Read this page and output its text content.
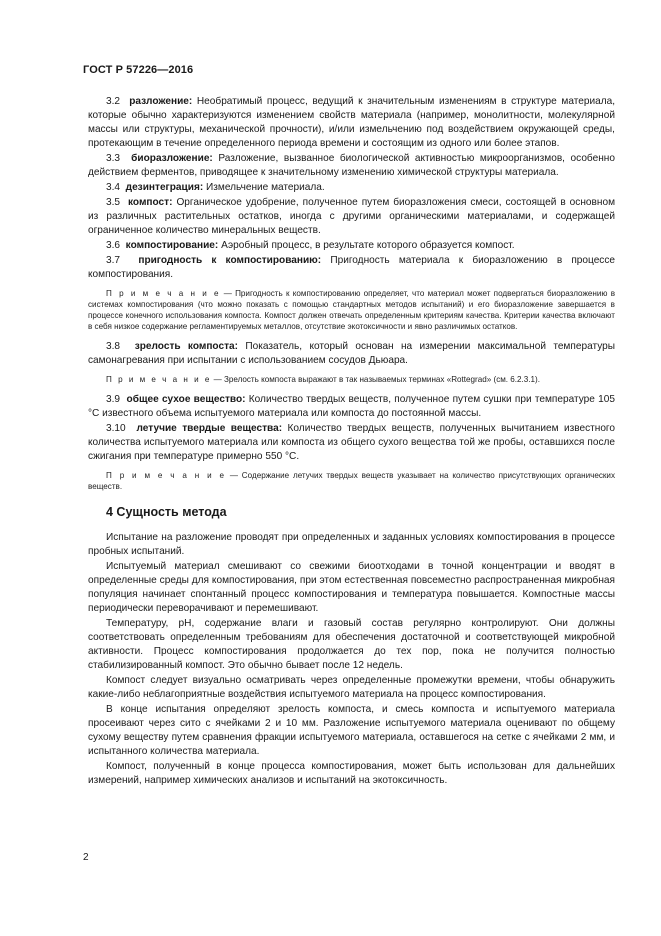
ГОСТ Р 57226—2016

3.2 разложение: Необратимый процесс, ведущий к значительным изменениям в структуре материала, которые обычно характеризуются изменением свойств материала (например, монолитности, молекулярной массы или структуры, механической прочности), и/или измельчению под воздействием окружающей среды, протекающим в течение определенного периода времени и состоящим из одного или более этапов.

3.3 биоразложение: Разложение, вызванное биологической активностью микроорганизмов, особенно действием ферментов, приводящее к значительному изменению химической структуры материала.

3.4 дезинтеграция: Измельчение материала.

3.5 компост: Органическое удобрение, полученное путем биоразложения смеси, состоящей в основном из различных растительных остатков, иногда с другими органическими материалами, и содержащей ограниченное количество минеральных веществ.

3.6 компостирование: Аэробный процесс, в результате которого образуется компост.

3.7 пригодность к компостированию: Пригодность материала к биоразложению в процессе компостирования.

П р и м е ч а н и е — Пригодность к компостированию определяет, что материал может подвергаться биоразложению в системах компостирования (что можно показать с помощью стандартных методов испытаний) и его биоразложение завершается в процессе конечного использования компоста. Компост должен отвечать определенным критериям качества. Критерии качества включают в себя низкое содержание регламентируемых металлов, отсутствие экотоксичности и явно различимых остатков.

3.8 зрелость компоста: Показатель, который основан на измерении максимальной температуры самонагревания при испытании с использованием сосудов Дьюара.

П р и м е ч а н и е — Зрелость компоста выражают в так называемых терминах «Rottegrad» (см. 6.2.3.1).

3.9 общее сухое вещество: Количество твердых веществ, полученное путем сушки при температуре 105 °С известного объема испытуемого материала или компоста до постоянной массы.

3.10 летучие твердые вещества: Количество твердых веществ, полученных вычитанием известного количества испытуемого материала или компоста из общего сухого вещества той же пробы, оставшихся после сжигания при температуре примерно 550 °С.

П р и м е ч а н и е — Содержание летучих твердых веществ указывает на количество присутствующих органических веществ.

4 Сущность метода

Испытание на разложение проводят при определенных и заданных условиях компостирования в процессе пробных испытаний.

Испытуемый материал смешивают со свежими биоотходами в точной концентрации и вводят в определенные среды для компостирования, при этом естественная повсеместно распространенная микробная популяция начинает спонтанный процесс компостирования и температура повышается. Компостные массы периодически переворачивают и перемешивают.

Температуру, рН, содержание влаги и газовый состав регулярно контролируют. Они должны соответствовать определенным требованиям для обеспечения достаточной и соответствующей микробной активности. Процесс компостирования продолжается до тех пор, пока не получится полностью стабилизированный компост. Это обычно бывает после 12 недель.

Компост следует визуально осматривать через определенные промежутки времени, чтобы обнаружить какие-либо неблагоприятные воздействия испытуемого материала на процесс компостирования.

В конце испытания определяют зрелость компоста, и смесь компоста и испытуемого материала просеивают через сито с ячейками 2 и 10 мм. Разложение испытуемого материала оценивают по общему сухому веществу путем сравнения фракции испытуемого материала, оставшегося на сетке с ячейками 2 мм, и испытанного количества материала.

Компост, полученный в конце процесса компостирования, может быть использован для дальнейших измерений, например химических анализов и испытаний на экотоксичность.

2
